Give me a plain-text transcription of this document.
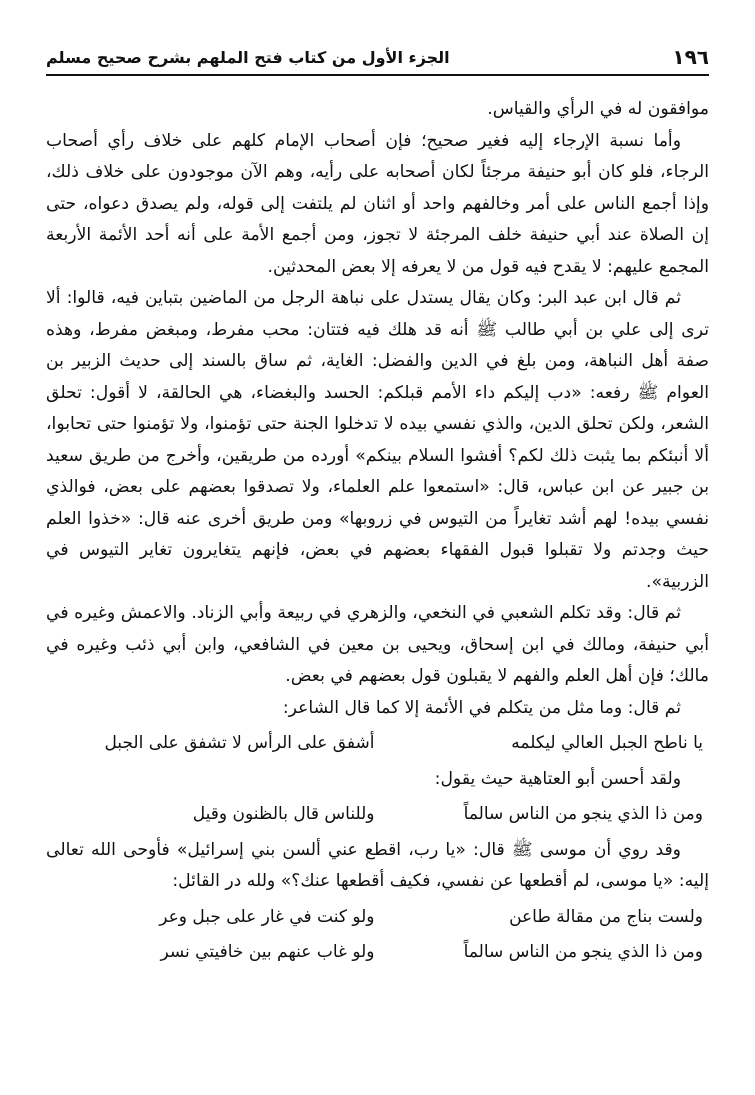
١٩٦
الجزء الأول من كتاب فتح الملهم بشرح صحيح مسلم

موافقون له في الرأي والقياس.

وأما نسبة الإرجاء إليه فغير صحيح؛ فإن أصحاب الإمام كلهم على خلاف رأي أصحاب الرجاء، فلو كان أبو حنيفة مرجئاً لكان أصحابه على رأيه، وهم الآن موجودون على خلاف ذلك، وإذا أجمع الناس على أمر وخالفهم واحد أو اثنان لم يلتفت إلى قوله، ولم يصدق دعواه، حتى إن الصلاة عند أبي حنيفة خلف المرجئة لا تجوز، ومن أجمع الأمة على أنه أحد الأئمة الأربعة المجمع عليهم: لا يقدح فيه قول من لا يعرفه إلا بعض المحدثين.

ثم قال ابن عبد البر: وكان يقال يستدل على نباهة الرجل من الماضين بتباين فيه، قالوا: ألا ترى إلى علي بن أبي طالب ﷺ أنه قد هلك فيه فتتان: محب مفرط، ومبغض مفرط، وهذه صفة أهل النباهة، ومن بلغ في الدين والفضل: الغاية، ثم ساق بالسند إلى حديث الزبير بن العوام ﷺ رفعه: «دب إليكم داء الأمم قبلكم: الحسد والبغضاء، هي الحالقة، لا أقول: تحلق الشعر، ولكن تحلق الدين، والذي نفسي بيده لا تدخلوا الجنة حتى تؤمنوا، ولا تؤمنوا حتى تحابوا، ألا أنبئكم بما يثبت ذلك لكم؟ أفشوا السلام بينكم» أورده من طريقين، وأخرج من طريق سعيد بن جبير عن ابن عباس، قال: «استمعوا علم العلماء، ولا تصدقوا بعضهم على بعض، فوالذي نفسي بيده! لهم أشد تغايراً من التيوس في زروبها» ومن طريق أخرى عنه قال: «خذوا العلم حيث وجدتم ولا تقبلوا قبول الفقهاء بعضهم في بعض، فإنهم يتغايرون تغاير التيوس في الزربية».

ثم قال: وقد تكلم الشعبي في النخعي، والزهري في ربيعة وأبي الزناد. والاعمش وغيره في أبي حنيفة، ومالك في ابن إسحاق، ويحيى بن معين في الشافعي، وابن أبي ذئب وغيره في مالك؛ فإن أهل العلم والفهم لا يقبلون قول بعضهم في بعض.

ثم قال: وما مثل من يتكلم في الأئمة إلا كما قال الشاعر:

يا ناطح الجبل العالي ليكلمه
أشفق على الرأس لا تشفق على الجبل

ولقد أحسن أبو العتاهية حيث يقول:

ومن ذا الذي ينجو من الناس سالماً
وللناس قال بالظنون وقيل

وقد روي أن موسى ﷺ قال: «يا رب، اقطع عني ألسن بني إسرائيل» فأوحى الله تعالى إليه: «يا موسى، لم أقطعها عن نفسي، فكيف أقطعها عنك؟» ولله در القائل:

ولست بناج من مقالة طاعن
ولو كنت في غار على جبل وعر
ومن ذا الذي ينجو من الناس سالماً
ولو غاب عنهم بين خافيتي نسر
